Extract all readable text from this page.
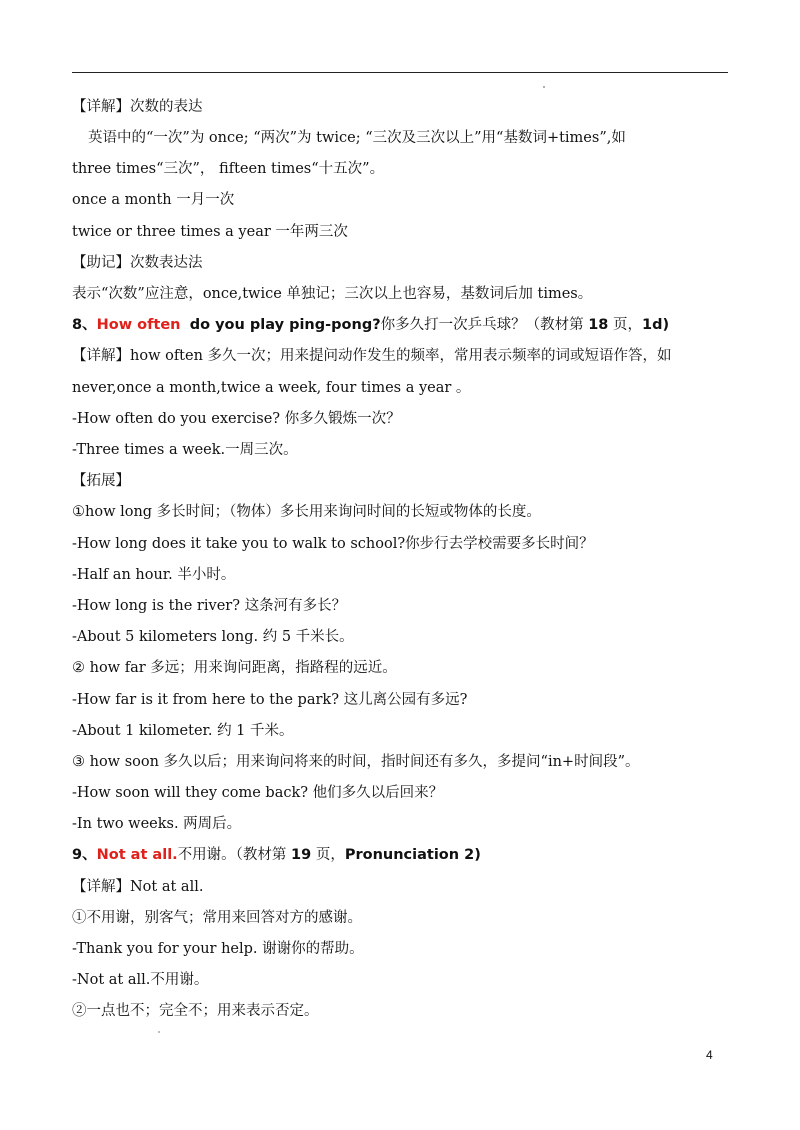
【详解】次数的表达
英语中的“一次”为 once; “两次”为 twice; “三次及三次以上”用“基数词+times”,如
three times“三次”， fifteen times“十五次”。
once a month 一月一次
twice or three times a year 一年两三次
【助记】次数表达法
表示“次数”应注意，once,twice 单独记；三次以上也容易，基数词后加 times。
8、How often do you play ping-pong?你多久打一次乒乓球？（教材第 18 页，1d)
【详解】how often 多久一次；用来提问动作发生的频率，常用表示频率的词或短语作答，如
never,once a month,twice a week, four times a year 。
-How often do you exercise? 你多久锻炼一次？
-Three times a week.一周三次。
【拓展】
①how long 多长时间；（物体）多长用来询问时间的长短或物体的长度。
-How long does it take you to walk to school?你步行去学校需要多长时间？
-Half an hour. 半小时。
-How long is the river? 这条河有多长？
-About 5 kilometers long. 约 5 千米长。
② how far 多远；用来询问距离，指路程的远近。
-How far is it from here to the park? 这儿离公园有多远?
-About 1 kilometer. 约 1 千米。
③ how soon 多久以后；用来询问将来的时间，指时间还有多久，多提问“in+时间段”。
-How soon will they come back? 他们多久以后回来？
-In two weeks. 两周后。
9、Not at all.不用谢。（教材第 19 页，Pronunciation 2)
【详解】Not at all.
①不用谢，别客气；常用来回答对方的感谢。
-Thank you for your help. 谢谢你的帮助。
-Not at all.不用谢。
②一点也不；完全不；用来表示否定。
4
